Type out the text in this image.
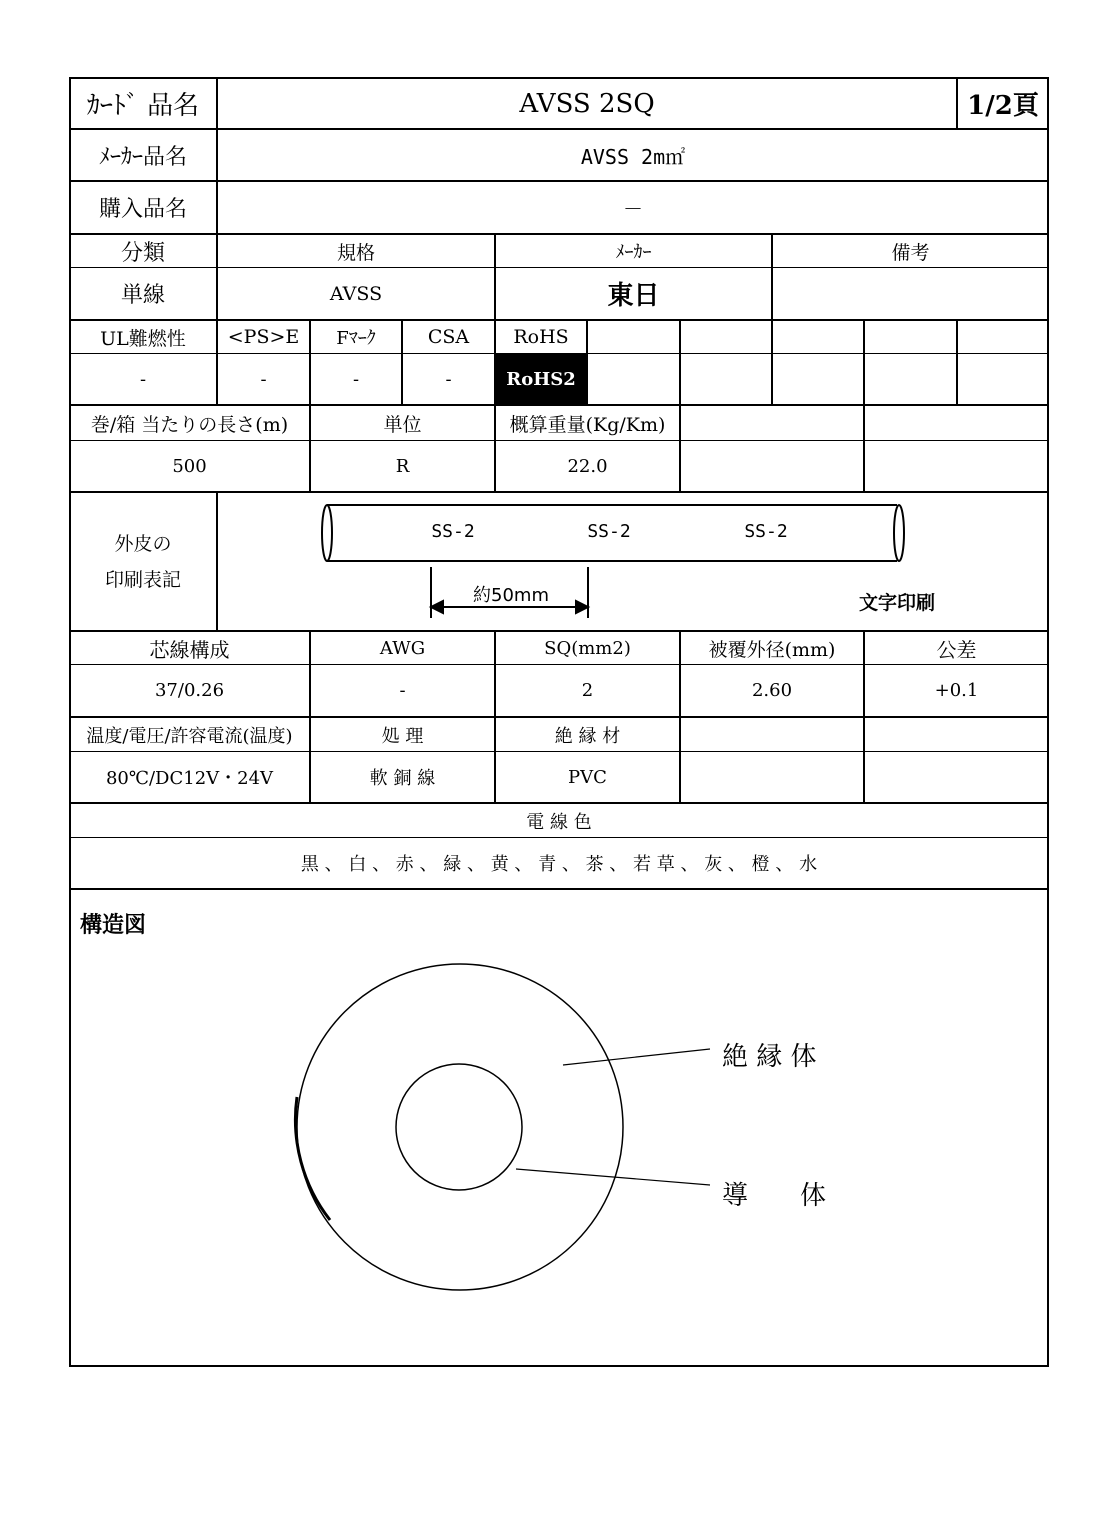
ｶｰﾄﾞ 品名	AVSS 2SQ	1/2頁
ﾒｰｶｰ品名	AVSS 2m㎡
購入品名	－
分類	規格	ﾒｰｶｰ	備考
単線	AVSS	東日
UL難燃性	<PS>E	Fﾏｰｸ	CSA	RoHS
-	-	-	-	RoHS2
巻/箱 当たりの長さ(m)	単位	概算重量(Kg/Km)
500	R	22.0
外皮の
印刷表記
SS-2	SS-2	SS-2
約50mm	文字印刷
芯線構成	AWG	SQ(mm2)	被覆外径(mm)	公差
37/0.26	-	2	2.60	+0.1
温度/電圧/許容電流(温度)	処 理	絶 縁 材
80℃/DC12V・24V	軟 銅 線	PVC
電 線 色
黒 、 白 、 赤 、 緑 、 黄 、 青 、 茶 、 若 草 、 灰 、 橙 、 水
構造図
絶 縁 体
導　　体
